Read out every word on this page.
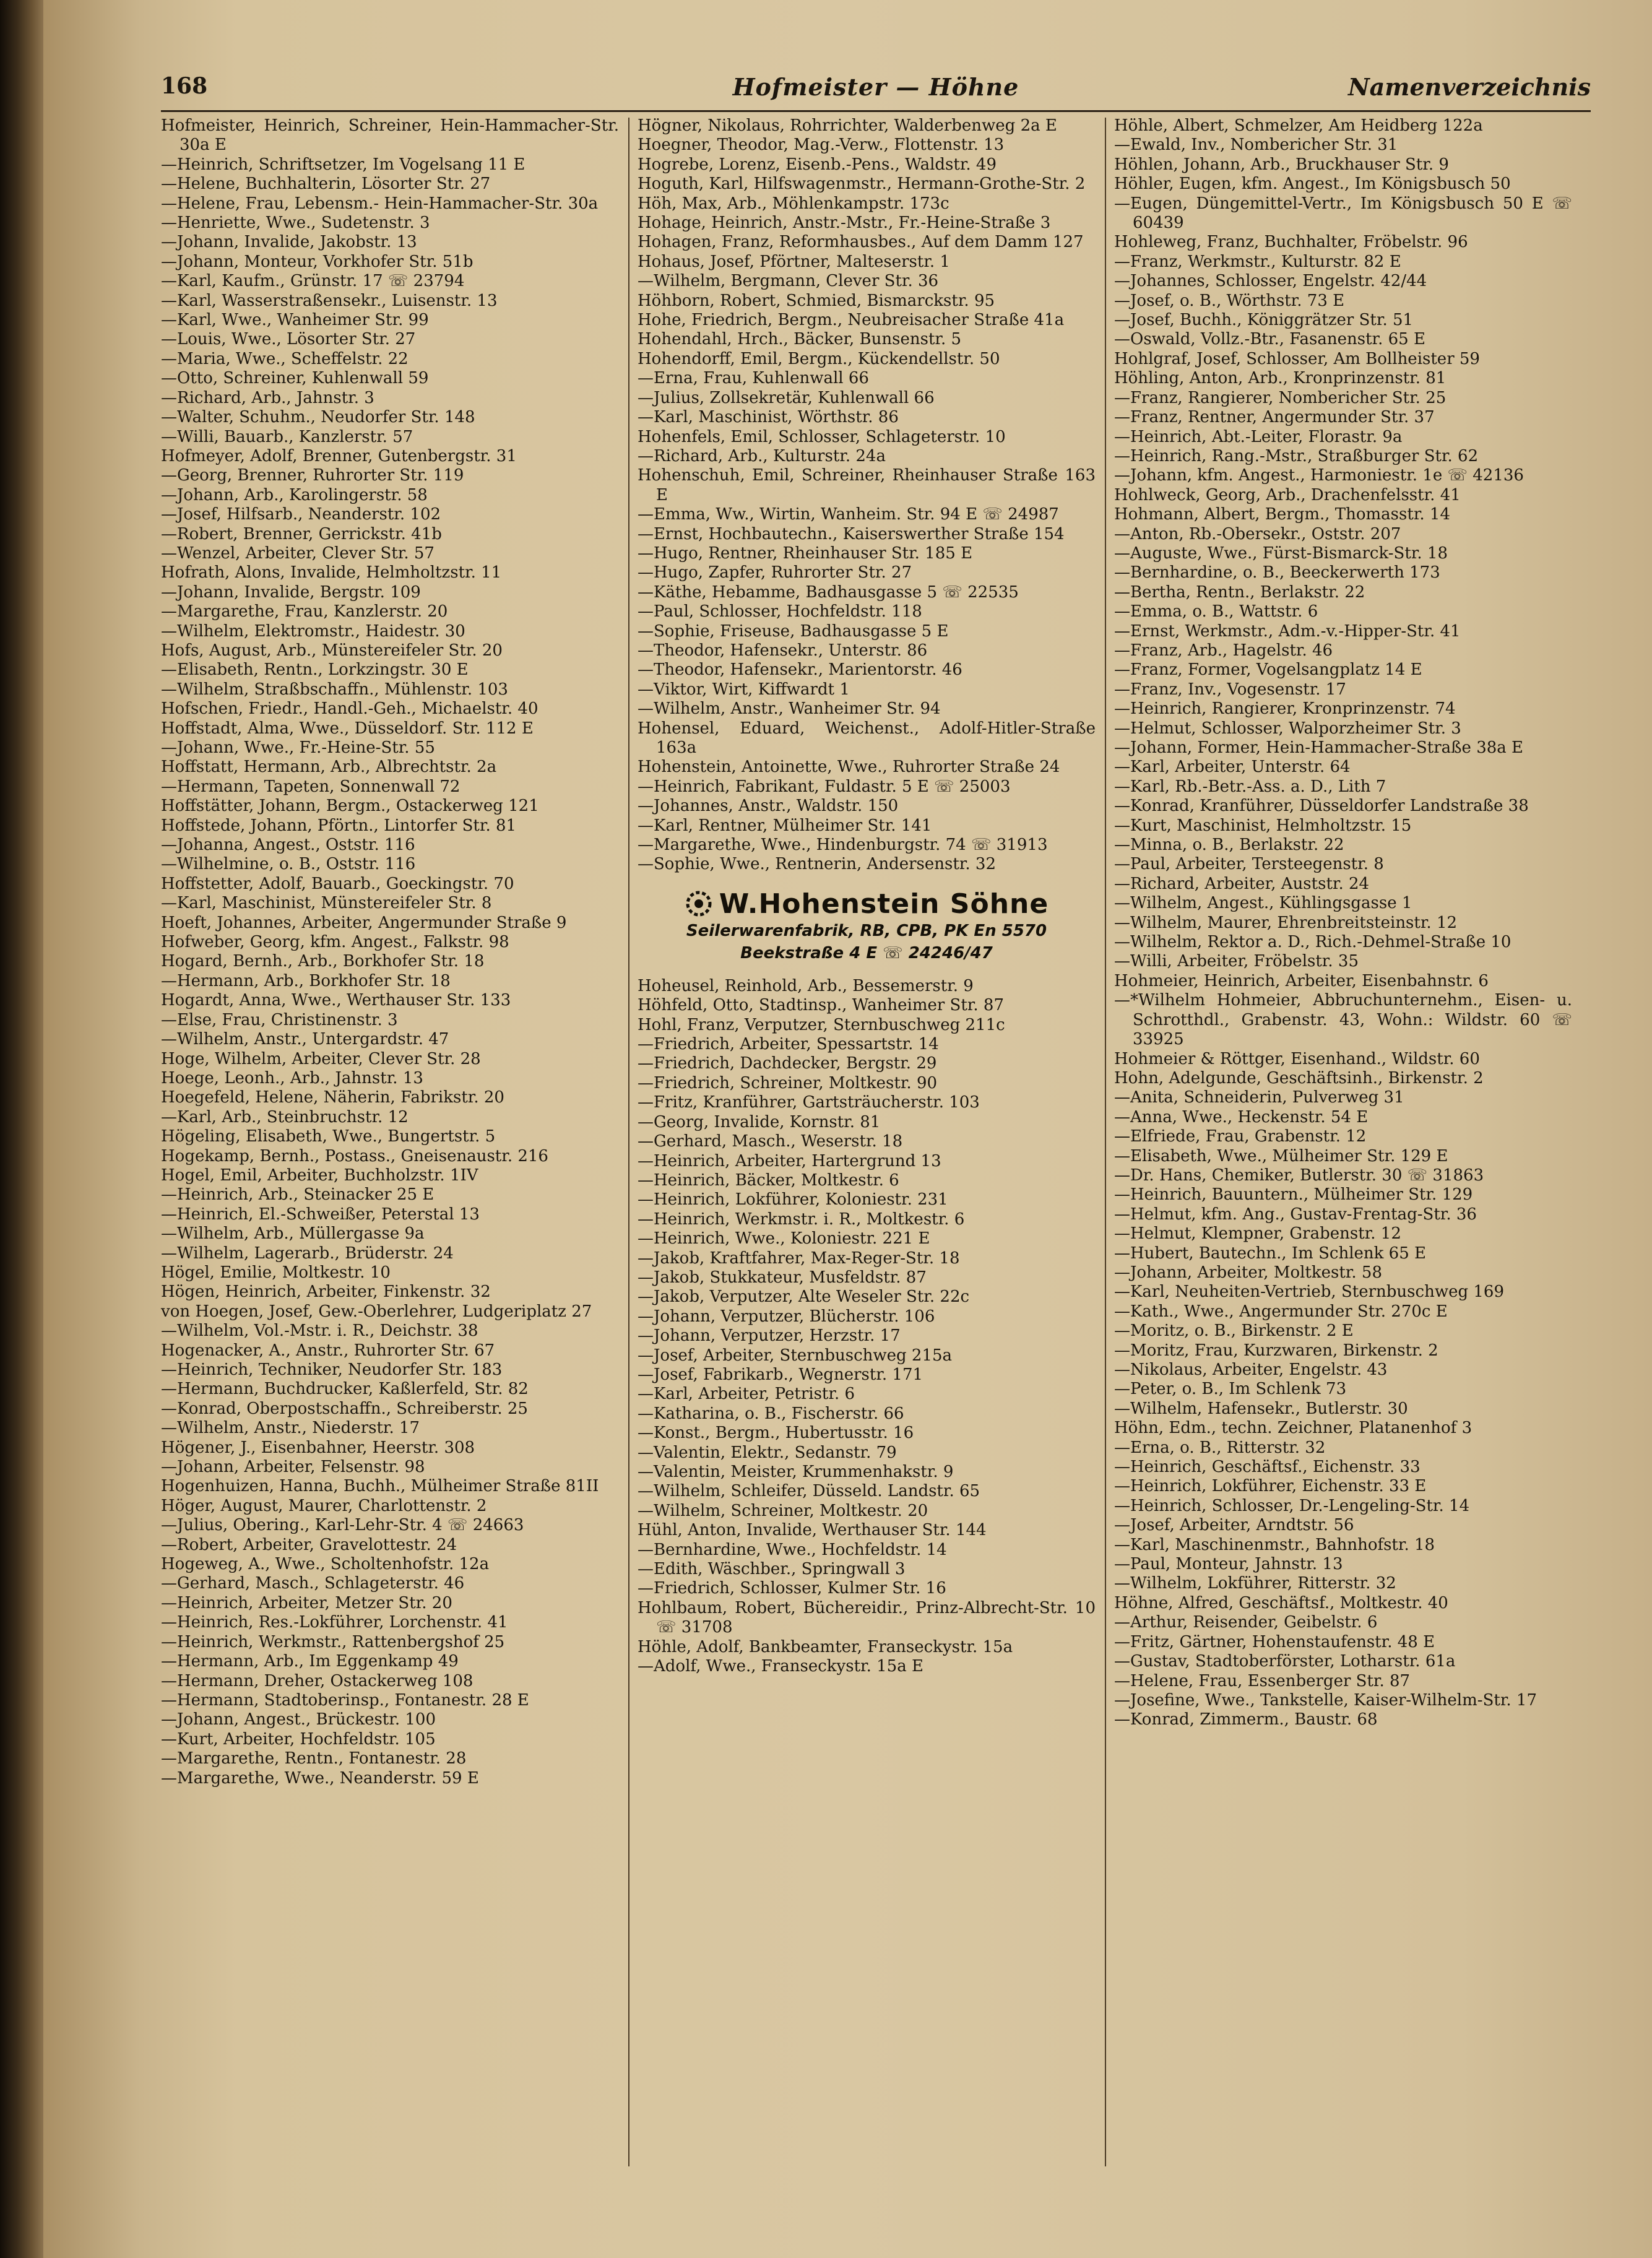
168	Hofmeister — Höhne	Namenverzeichnis

Hofmeister, Heinrich, Schreiner, Hein-Hammacher-Str. 30a E

—Heinrich, Schriftsetzer, Im Vogelsang 11 E

—Helene, Buchhalterin, Lösorter Str. 27

—Helene, Frau, Lebensm.- Hein-Hammacher-Str. 30a

—Henriette, Wwe., Sudetenstr. 3

—Johann, Invalide, Jakobstr. 13

—Johann, Monteur, Vorkhofer Str. 51b

—Karl, Kaufm., Grünstr. 17 ☏ 23794

—Karl, Wasserstraßensekr., Luisenstr. 13

—Karl, Wwe., Wanheimer Str. 99

—Louis, Wwe., Lösorter Str. 27

—Maria, Wwe., Scheffelstr. 22

—Otto, Schreiner, Kuhlenwall 59

—Richard, Arb., Jahnstr. 3

—Walter, Schuhm., Neudorfer Str. 148

—Willi, Bauarb., Kanzlerstr. 57

Hofmeyer, Adolf, Brenner, Gutenbergstr. 31

—Georg, Brenner, Ruhrorter Str. 119

—Johann, Arb., Karolingerstr. 58

—Josef, Hilfsarb., Neanderstr. 102

—Robert, Brenner, Gerrickstr. 41b

—Wenzel, Arbeiter, Clever Str. 57

Hofrath, Alons, Invalide, Helmholtzstr. 11

—Johann, Invalide, Bergstr. 109

—Margarethe, Frau, Kanzlerstr. 20

—Wilhelm, Elektromstr., Haidestr. 30

Hofs, August, Arb., Münstereifeler Str. 20

—Elisabeth, Rentn., Lorkzingstr. 30 E

—Wilhelm, Straßbschaffn., Mühlenstr. 103

Hofschen, Friedr., Handl.-Geh., Michaelstr. 40

Hoffstadt, Alma, Wwe., Düsseldorf. Str. 112 E

—Johann, Wwe., Fr.-Heine-Str. 55

Hoffstatt, Hermann, Arb., Albrechtstr. 2a

—Hermann, Tapeten, Sonnenwall 72

Hoffstätter, Johann, Bergm., Ostackerweg 121

Hoffstede, Johann, Pförtn., Lintorfer Str. 81

—Johanna, Angest., Oststr. 116

—Wilhelmine, o. B., Oststr. 116

Hoffstetter, Adolf, Bauarb., Goeckingstr. 70

—Karl, Maschinist, Münstereifeler Str. 8

Hoeft, Johannes, Arbeiter, Angermunder Straße 9

Hofweber, Georg, kfm. Angest., Falkstr. 98

Hogard, Bernh., Arb., Borkhofer Str. 18

—Hermann, Arb., Borkhofer Str. 18

Hogardt, Anna, Wwe., Werthauser Str. 133

—Else, Frau, Christinenstr. 3

—Wilhelm, Anstr., Untergardstr. 47

Hoge, Wilhelm, Arbeiter, Clever Str. 28

Hoege, Leonh., Arb., Jahnstr. 13

Hoegefeld, Helene, Näherin, Fabrikstr. 20

—Karl, Arb., Steinbruchstr. 12

Högeling, Elisabeth, Wwe., Bungertstr. 5

Hogekamp, Bernh., Postass., Gneisenaustr. 216

Hogel, Emil, Arbeiter, Buchholzstr. 1IV

—Heinrich, Arb., Steinacker 25 E

—Heinrich, El.-Schweißer, Peterstal 13

—Wilhelm, Arb., Müllergasse 9a

—Wilhelm, Lagerarb., Brüderstr. 24

Högel, Emilie, Moltkestr. 10

Högen, Heinrich, Arbeiter, Finkenstr. 32

von Hoegen, Josef, Gew.-Oberlehrer, Ludgeriplatz 27

—Wilhelm, Vol.-Mstr. i. R., Deichstr. 38

Hogenacker, A., Anstr., Ruhrorter Str. 67

—Heinrich, Techniker, Neudorfer Str. 183

—Hermann, Buchdrucker, Kaßlerfeld, Str. 82

—Konrad, Oberpostschaffn., Schreiberstr. 25

—Wilhelm, Anstr., Niederstr. 17

Högener, J., Eisenbahner, Heerstr. 308

—Johann, Arbeiter, Felsenstr. 98

Hogenhuizen, Hanna, Buchh., Mülheimer Straße 81II

Höger, August, Maurer, Charlottenstr. 2

—Julius, Obering., Karl-Lehr-Str. 4 ☏ 24663

—Robert, Arbeiter, Gravelottestr. 24

Hogeweg, A., Wwe., Scholtenhofstr. 12a

—Gerhard, Masch., Schlageterstr. 46

—Heinrich, Arbeiter, Metzer Str. 20

—Heinrich, Res.-Lokführer, Lorchenstr. 41

—Heinrich, Werkmstr., Rattenbergshof 25

—Hermann, Arb., Im Eggenkamp 49

—Hermann, Dreher, Ostackerweg 108

—Hermann, Stadtoberinsp., Fontanestr. 28 E

—Johann, Angest., Brückestr. 100

—Kurt, Arbeiter, Hochfeldstr. 105

—Margarethe, Rentn., Fontanestr. 28

—Margarethe, Wwe., Neanderstr. 59 E

Högner, Nikolaus, Rohrrichter, Walderbenweg 2a E

Hoegner, Theodor, Mag.-Verw., Flottenstr. 13

Hogrebe, Lorenz, Eisenb.-Pens., Waldstr. 49

Hoguth, Karl, Hilfswagenmstr., Hermann-Grothe-Str. 2

Höh, Max, Arb., Möhlenkampstr. 173c

Hohage, Heinrich, Anstr.-Mstr., Fr.-Heine-Straße 3

Hohagen, Franz, Reformhausbes., Auf dem Damm 127

Hohaus, Josef, Pförtner, Malteserstr. 1

—Wilhelm, Bergmann, Clever Str. 36

Höhborn, Robert, Schmied, Bismarckstr. 95

Hohe, Friedrich, Bergm., Neubreisacher Straße 41a

Hohendahl, Hrch., Bäcker, Bunsenstr. 5

Hohendorff, Emil, Bergm., Kückendellstr. 50

—Erna, Frau, Kuhlenwall 66

—Julius, Zollsekretär, Kuhlenwall 66

—Karl, Maschinist, Wörthstr. 86

Hohenfels, Emil, Schlosser, Schlageterstr. 10

—Richard, Arb., Kulturstr. 24a

Hohenschuh, Emil, Schreiner, Rheinhauser Straße 163 E

—Emma, Ww., Wirtin, Wanheim. Str. 94 E ☏ 24987

—Ernst, Hochbautechn., Kaiserswerther Straße 154

—Hugo, Rentner, Rheinhauser Str. 185 E

—Hugo, Zapfer, Ruhrorter Str. 27

—Käthe, Hebamme, Badhausgasse 5 ☏ 22535

—Paul, Schlosser, Hochfeldstr. 118

—Sophie, Friseuse, Badhausgasse 5 E

—Theodor, Hafensekr., Unterstr. 86

—Theodor, Hafensekr., Marientorstr. 46

—Viktor, Wirt, Kiffwardt 1

—Wilhelm, Anstr., Wanheimer Str. 94

Hohensel, Eduard, Weichenst., Adolf-Hitler-Straße 163a

Hohenstein, Antoinette, Wwe., Ruhrorter Straße 24

—Heinrich, Fabrikant, Fuldastr. 5 E ☏ 25003

—Johannes, Anstr., Waldstr. 150

—Karl, Rentner, Mülheimer Str. 141

—Margarethe, Wwe., Hindenburgstr. 74 ☏ 31913

—Sophie, Wwe., Rentnerin, Andersenstr. 32

W.Hohenstein Söhne
Seilerwarenfabrik, RB, CPB, PK En 5570
Beekstraße 4 E ☏ 24246/47

Hoheusel, Reinhold, Arb., Bessemerstr. 9

Höhfeld, Otto, Stadtinsp., Wanheimer Str. 87

Hohl, Franz, Verputzer, Sternbuschweg 211c

—Friedrich, Arbeiter, Spessartstr. 14

—Friedrich, Dachdecker, Bergstr. 29

—Friedrich, Schreiner, Moltkestr. 90

—Fritz, Kranführer, Gartsträucherstr. 103

—Georg, Invalide, Kornstr. 81

—Gerhard, Masch., Weserstr. 18

—Heinrich, Arbeiter, Hartergrund 13

—Heinrich, Bäcker, Moltkestr. 6

—Heinrich, Lokführer, Koloniestr. 231

—Heinrich, Werkmstr. i. R., Moltkestr. 6

—Heinrich, Wwe., Koloniestr. 221 E

—Jakob, Kraftfahrer, Max-Reger-Str. 18

—Jakob, Stukkateur, Musfeldstr. 87

—Jakob, Verputzer, Alte Weseler Str. 22c

—Johann, Verputzer, Blücherstr. 106

—Johann, Verputzer, Herzstr. 17

—Josef, Arbeiter, Sternbuschweg 215a

—Josef, Fabrikarb., Wegnerstr. 171

—Karl, Arbeiter, Petristr. 6

—Katharina, o. B., Fischerstr. 66

—Konst., Bergm., Hubertusstr. 16

—Valentin, Elektr., Sedanstr. 79

—Valentin, Meister, Krummenhakstr. 9

—Wilhelm, Schleifer, Düsseld. Landstr. 65

—Wilhelm, Schreiner, Moltkestr. 20

Hühl, Anton, Invalide, Werthauser Str. 144

—Bernhardine, Wwe., Hochfeldstr. 14

—Edith, Wäschber., Springwall 3

—Friedrich, Schlosser, Kulmer Str. 16

Hohlbaum, Robert, Büchereidir., Prinz-Albrecht-Str. 10 ☏ 31708

Höhle, Adolf, Bankbeamter, Franseckystr. 15a

—Adolf, Wwe., Franseckystr. 15a E

Höhle, Albert, Schmelzer, Am Heidberg 122a

—Ewald, Inv., Nombericher Str. 31

Höhlen, Johann, Arb., Bruckhauser Str. 9

Höhler, Eugen, kfm. Angest., Im Königsbusch 50

—Eugen, Düngemittel-Vertr., Im Königsbusch 50 E ☏ 60439

Hohleweg, Franz, Buchhalter, Fröbelstr. 96

—Franz, Werkmstr., Kulturstr. 82 E

—Johannes, Schlosser, Engelstr. 42/44

—Josef, o. B., Wörthstr. 73 E

—Josef, Buchh., Königgrätzer Str. 51

—Oswald, Vollz.-Btr., Fasanenstr. 65 E

Hohlgraf, Josef, Schlosser, Am Bollheister 59

Höhling, Anton, Arb., Kronprinzenstr. 81

—Franz, Rangierer, Nombericher Str. 25

—Franz, Rentner, Angermunder Str. 37

—Heinrich, Abt.-Leiter, Florastr. 9a

—Heinrich, Rang.-Mstr., Straßburger Str. 62

—Johann, kfm. Angest., Harmoniestr. 1e ☏ 42136

Hohlweck, Georg, Arb., Drachenfelsstr. 41

Hohmann, Albert, Bergm., Thomasstr. 14

—Anton, Rb.-Obersekr., Oststr. 207

—Auguste, Wwe., Fürst-Bismarck-Str. 18

—Bernhardine, o. B., Beeckerwerth 173

—Bertha, Rentn., Berlakstr. 22

—Emma, o. B., Wattstr. 6

—Ernst, Werkmstr., Adm.-v.-Hipper-Str. 41

—Franz, Arb., Hagelstr. 46

—Franz, Former, Vogelsangplatz 14 E

—Franz, Inv., Vogesenstr. 17

—Heinrich, Rangierer, Kronprinzenstr. 74

—Helmut, Schlosser, Walporzheimer Str. 3

—Johann, Former, Hein-Hammacher-Straße 38a E

—Karl, Arbeiter, Unterstr. 64

—Karl, Rb.-Betr.-Ass. a. D., Lith 7

—Konrad, Kranführer, Düsseldorfer Landstraße 38

—Kurt, Maschinist, Helmholtzstr. 15

—Minna, o. B., Berlakstr. 22

—Paul, Arbeiter, Tersteegenstr. 8

—Richard, Arbeiter, Auststr. 24

—Wilhelm, Angest., Kühlingsgasse 1

—Wilhelm, Maurer, Ehrenbreitsteinstr. 12

—Wilhelm, Rektor a. D., Rich.-Dehmel-Straße 10

—Willi, Arbeiter, Fröbelstr. 35

Hohmeier, Heinrich, Arbeiter, Eisenbahnstr. 6

—*Wilhelm Hohmeier, Abbruchunternehm., Eisen- u. Schrotthdl., Grabenstr. 43, Wohn.: Wildstr. 60 ☏ 33925

Hohmeier & Röttger, Eisenhand., Wildstr. 60

Hohn, Adelgunde, Geschäftsinh., Birkenstr. 2

—Anita, Schneiderin, Pulverweg 31

—Anna, Wwe., Heckenstr. 54 E

—Elfriede, Frau, Grabenstr. 12

—Elisabeth, Wwe., Mülheimer Str. 129 E

—Dr. Hans, Chemiker, Butlerstr. 30 ☏ 31863

—Heinrich, Bauuntern., Mülheimer Str. 129

—Helmut, kfm. Ang., Gustav-Frentag-Str. 36

—Helmut, Klempner, Grabenstr. 12

—Hubert, Bautechn., Im Schlenk 65 E

—Johann, Arbeiter, Moltkestr. 58

—Karl, Neuheiten-Vertrieb, Sternbuschweg 169

—Kath., Wwe., Angermunder Str. 270c E

—Moritz, o. B., Birkenstr. 2 E

—Moritz, Frau, Kurzwaren, Birkenstr. 2

—Nikolaus, Arbeiter, Engelstr. 43

—Peter, o. B., Im Schlenk 73

—Wilhelm, Hafensekr., Butlerstr. 30

Höhn, Edm., techn. Zeichner, Platanenhof 3

—Erna, o. B., Ritterstr. 32

—Heinrich, Geschäftsf., Eichenstr. 33

—Heinrich, Lokführer, Eichenstr. 33 E

—Heinrich, Schlosser, Dr.-Lengeling-Str. 14

—Josef, Arbeiter, Arndtstr. 56

—Karl, Maschinenmstr., Bahnhofstr. 18

—Paul, Monteur, Jahnstr. 13

—Wilhelm, Lokführer, Ritterstr. 32

Höhne, Alfred, Geschäftsf., Moltkestr. 40

—Arthur, Reisender, Geibelstr. 6

—Fritz, Gärtner, Hohenstaufenstr. 48 E

—Gustav, Stadtoberförster, Lotharstr. 61a

—Helene, Frau, Essenberger Str. 87

—Josefine, Wwe., Tankstelle, Kaiser-Wilhelm-Str. 17

—Konrad, Zimmerm., Baustr. 68
